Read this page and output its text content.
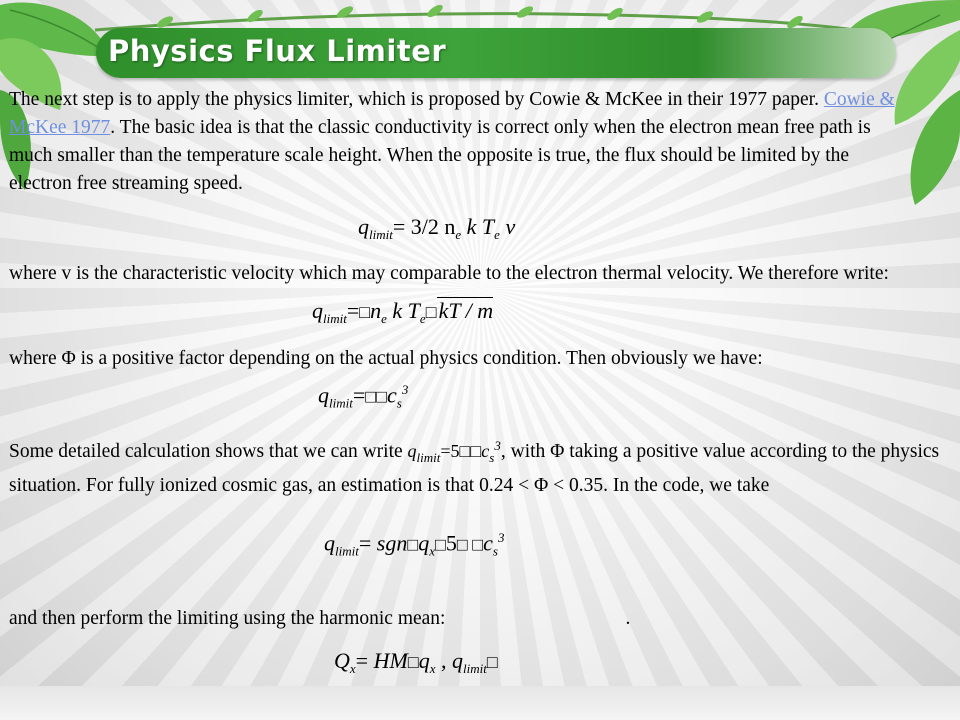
Physics Flux Limiter

The next step is to apply the physics limiter, which is proposed by Cowie & McKee in their 1977 paper. Cowie & McKee 1977. The basic idea is that the classic conductivity is correct only when the electron mean free path is much smaller than the temperature scale height. When the opposite is true, the flux should be limited by the electron free streaming speed.

$q_{limit}= 3/2$ $n_e$ k $T_e$ v

where v is the characteristic velocity which may comparable to the electron thermal velocity. We therefore write:

$q_{limit}=□n_e$ k $T_e□kT$ / m

where Φ is a positive factor depending on the actual physics condition. Then obviously we have:

$q_{limit}=□□c_s^3$

Some detailed calculation shows that we can write $q_{limit}=5□□c_s^3$, with Φ taking a positive value according to the physics situation. For fully ionized cosmic gas, an estimation is that 0.24 < Φ < 0.35. In the code, we take

$q_{limit}=$ $sgn□q_x□5□$ $□c_s^3$

and then perform the limiting using the harmonic mean:	.

$Q_x=$ $HM□q_x$ , $q_{limit}□$
